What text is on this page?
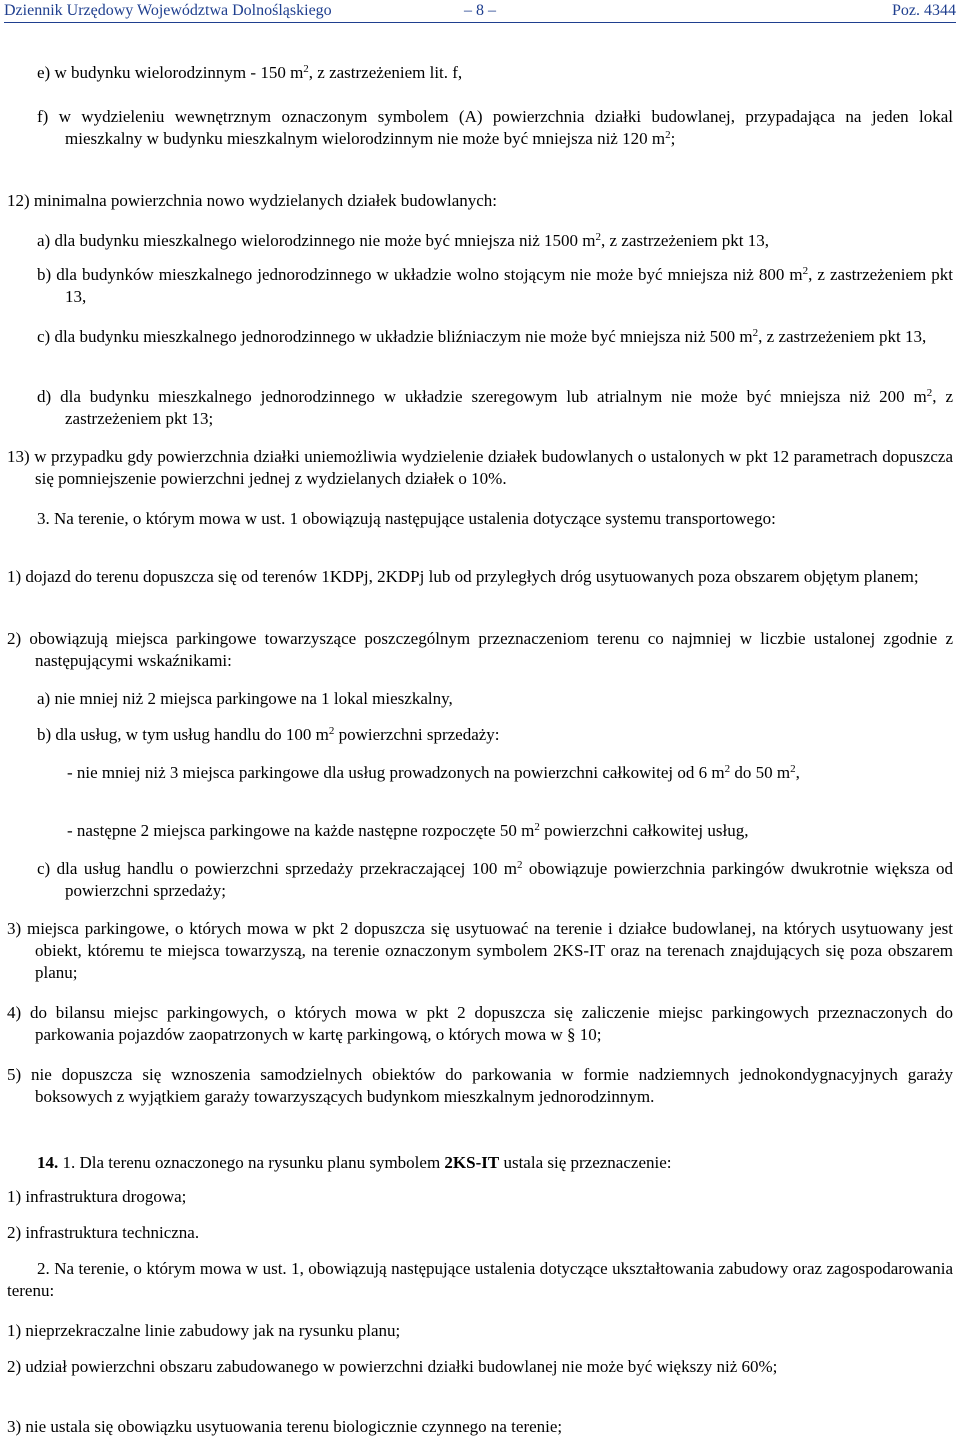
Dziennik Urzędowy Województwa Dolnośląskiego	– 8 –	Poz. 4344
e) w budynku wielorodzinnym - 150 $m^2$, z zastrzeżeniem lit. f,
f) w wydzieleniu wewnętrznym oznaczonym symbolem (A) powierzchnia działki budowlanej, przypadająca na jeden lokal mieszkalny w budynku mieszkalnym wielorodzinnym nie może być mniejsza niż 120 $m^2$;
12) minimalna powierzchnia nowo wydzielanych działek budowlanych:
a) dla budynku mieszkalnego wielorodzinnego nie może być mniejsza niż 1500 $m^2$, z zastrzeżeniem pkt 13,
b) dla budynków mieszkalnego jednorodzinnego w układzie wolno stojącym nie może być mniejsza niż 800 $m^2$, z zastrzeżeniem pkt 13,
c) dla budynku mieszkalnego jednorodzinnego w układzie bliźniaczym nie może być mniejsza niż 500 $m^2$, z zastrzeżeniem pkt 13,
d) dla budynku mieszkalnego jednorodzinnego w układzie szeregowym lub atrialnym nie może być mniejsza niż 200 $m^2$, z zastrzeżeniem pkt 13;
13) w przypadku gdy powierzchnia działki uniemożliwia wydzielenie działek budowlanych o ustalonych w pkt 12 parametrach dopuszcza się pomniejszenie powierzchni jednej z wydzielanych działek o 10%.
3. Na terenie, o którym mowa w ust. 1 obowiązują następujące ustalenia dotyczące systemu transportowego:
1) dojazd do terenu dopuszcza się od terenów 1KDPj, 2KDPj lub od przyległych dróg usytuowanych poza obszarem objętym planem;
2) obowiązują miejsca parkingowe towarzyszące poszczególnym przeznaczeniom terenu co najmniej w liczbie ustalonej zgodnie z następującymi wskaźnikami:
a) nie mniej niż 2 miejsca parkingowe na 1 lokal mieszkalny,
b) dla usług, w tym usług handlu do 100 $m^2$ powierzchni sprzedaży:
- nie mniej niż 3 miejsca parkingowe dla usług prowadzonych na powierzchni całkowitej od 6 $m^2$ do 50 $m^2$,
- następne 2 miejsca parkingowe na każde następne rozpoczęte 50 $m^2$ powierzchni całkowitej usług,
c) dla usług handlu o powierzchni sprzedaży przekraczającej 100 $m^2$ obowiązuje powierzchnia parkingów dwukrotnie większa od powierzchni sprzedaży;
3) miejsca parkingowe, o których mowa w pkt 2 dopuszcza się usytuować na terenie i działce budowlanej, na których usytuowany jest obiekt, któremu te miejsca towarzyszą, na terenie oznaczonym symbolem 2KS-IT oraz na terenach znajdujących się poza obszarem planu;
4) do bilansu miejsc parkingowych, o których mowa w pkt 2 dopuszcza się zaliczenie miejsc parkingowych przeznaczonych do parkowania pojazdów zaopatrzonych w kartę parkingową, o których mowa w § 10;
5) nie dopuszcza się wznoszenia samodzielnych obiektów do parkowania w formie nadziemnych jednokondygnacyjnych garaży boksowych z wyjątkiem garaży towarzyszących budynkom mieszkalnym jednorodzinnym.
14. 1. Dla terenu oznaczonego na rysunku planu symbolem 2KS-IT ustala się przeznaczenie:
1) infrastruktura drogowa;
2) infrastruktura techniczna.
2. Na terenie, o którym mowa w ust. 1, obowiązują następujące ustalenia dotyczące ukształtowania zabudowy oraz zagospodarowania terenu:
1) nieprzekraczalne linie zabudowy jak na rysunku planu;
2) udział powierzchni obszaru zabudowanego w powierzchni działki budowlanej nie może być większy niż 60%;
3) nie ustala się obowiązku usytuowania terenu biologicznie czynnego na terenie;
